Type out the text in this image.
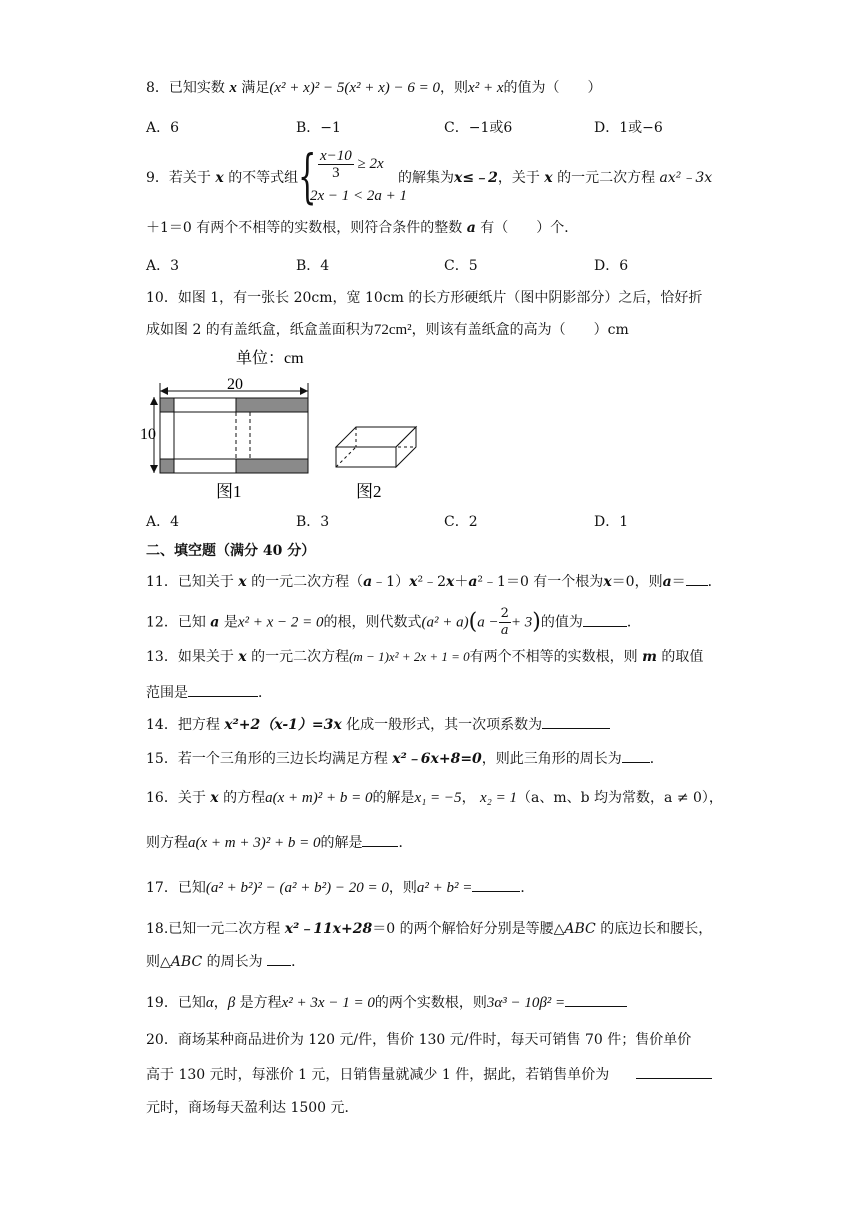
8．已知实数 x 满足(x² + x)² − 5(x² + x) − 6 = 0，则x² + x的值为（　　）
A．6	B．−1	C．−1或6	D．1或−6
9．若关于 x 的不等式组 { $\frac{x-10}{3} \ge 2x$
2x − 1 < 2a + 1
的解集为x≤﹣2，关于 x 的一元二次方程 ax²﹣3x
＋1＝0 有两个不相等的实数根，则符合条件的整数 a 有（　　）个．
A．3	B．4	C．5	D．6
10．如图 1，有一张长 20cm，宽 10cm 的长方形硬纸片（图中阴影部分）之后，恰好折
成如图 2 的有盖纸盒，纸盒盖面积为72cm²，则该有盖纸盒的高为（　　）cm
单位：cm
20
10
图1	图2
A．4	B．3	C．2	D．1
二、填空题（满分 40 分）
11．已知关于 x 的一元二次方程（a﹣1）x²﹣2x＋a²﹣1＝0 有一个根为x＝0，则a＝ ．
12．已知 a 是x² + x − 2 = 0的根，则代数式$(a^2 + a)(a - \frac{2}{a} + 3)$的值为	．
13．如果关于 x 的一元二次方程(m − 1)x² + 2x + 1 = 0有两个不相等的实数根，则 m 的取值
范围是	．
14．把方程 x²+2（x-1）=3x 化成一般形式，其一次项系数为
15．若一个三角形的三边长均满足方程 x²﹣6x+8=0，则此三角形的周长为 ．
16．关于 x 的方程a(x + m)² + b = 0的解是x₁ = −5， x₂ = 1（a、m、b 均为常数，a ≠ 0），
则方程a(x + m + 3)² + b = 0的解是	．
17．已知(a² + b²)² − (a² + b²) − 20 = 0，则a² + b² =	．
18.已知一元二次方程 x²﹣11x+28＝0 的两个解恰好分别是等腰△ABC 的底边长和腰长，
则△ABC 的周长为 ．
19．已知α，β 是方程x² + 3x − 1 = 0的两个实数根，则3α³ − 10β² =
20．商场某种商品进价为 120 元/件，售价 130 元/件时，每天可销售 70 件；售价单价
高于 130 元时，每涨价 1 元，日销售量就减少 1 件，据此，若销售单价为
元时，商场每天盈利达 1500 元．
